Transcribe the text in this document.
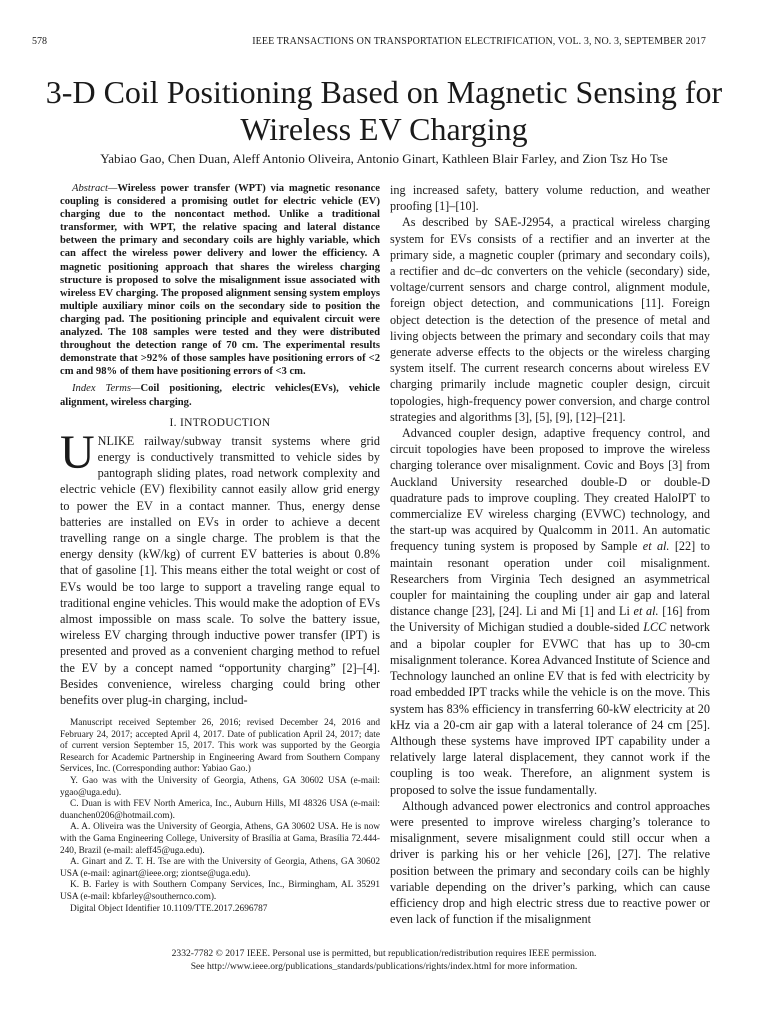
578	IEEE TRANSACTIONS ON TRANSPORTATION ELECTRIFICATION, VOL. 3, NO. 3, SEPTEMBER 2017
3-D Coil Positioning Based on Magnetic Sensing for Wireless EV Charging
Yabiao Gao, Chen Duan, Aleff Antonio Oliveira, Antonio Ginart, Kathleen Blair Farley, and Zion Tsz Ho Tse

Abstract—Wireless power transfer (WPT) via magnetic resonance coupling is considered a promising outlet for electric vehicle (EV) charging due to the noncontact method. Unlike a traditional transformer, with WPT, the relative spacing and lateral distance between the primary and secondary coils are highly variable, which can affect the wireless power delivery and lower the efficiency. A magnetic positioning approach that shares the wireless charging structure is proposed to solve the misalignment issue associated with wireless EV charging. The proposed alignment sensing system employs multiple auxiliary minor coils on the secondary side to position the charging pad. The positioning principle and equivalent circuit were analyzed. The 108 samples were tested and they were distributed throughout the detection range of 70 cm. The experimental results demonstrate that >92% of those samples have positioning errors of <2 cm and 98% of them have positioning errors of <3 cm.

Index Terms—Coil positioning, electric vehicles(EVs), vehicle alignment, wireless charging.

I. INTRODUCTION

UNLIKE railway/subway transit systems where grid energy is conductively transmitted to vehicle sides by pantograph sliding plates, road network complexity and electric vehicle (EV) flexibility cannot easily allow grid energy to power the EV in a contact manner. Thus, energy dense batteries are installed on EVs in order to achieve a decent travelling range on a single charge. The problem is that the energy density (kW/kg) of current EV batteries is about 0.8% that of gasoline [1]. This means either the total weight or cost of EVs would be too large to support a traveling range equal to traditional engine vehicles. This would make the adoption of EVs almost impossible on mass scale. To solve the battery issue, wireless EV charging through inductive power transfer (IPT) is presented and proved as a convenient charging method to refuel the EV by a concept named “opportunity charging” [2]–[4]. Besides convenience, wireless charging could bring other benefits over plug-in charging, includ-

Manuscript received September 26, 2016; revised December 24, 2016 and February 24, 2017; accepted April 4, 2017. Date of publication April 24, 2017; date of current version September 15, 2017. This work was supported by the Georgia Research for Academic Partnership in Engineering Award from Southern Company Services, Inc. (Corresponding author: Yabiao Gao.)

Y. Gao was with the University of Georgia, Athens, GA 30602 USA (e-mail: ygao@uga.edu).

C. Duan is with FEV North America, Inc., Auburn Hills, MI 48326 USA (e-mail: duanchen0206@hotmail.com).

A. A. Oliveira was the University of Georgia, Athens, GA 30602 USA. He is now with the Gama Engineering College, University of Brasília at Gama, Brasília 72.444-240, Brazil (e-mail: aleff45@uga.edu).

A. Ginart and Z. T. H. Tse are with the University of Georgia, Athens, GA 30602 USA (e-mail: aginart@ieee.org; ziontse@uga.edu).

K. B. Farley is with Southern Company Services, Inc., Birmingham, AL 35291 USA (e-mail: kbfarley@southernco.com).

Digital Object Identifier 10.1109/TTE.2017.2696787

ing increased safety, battery volume reduction, and weather proofing [1]–[10].

As described by SAE-J2954, a practical wireless charging system for EVs consists of a rectifier and an inverter at the primary side, a magnetic coupler (primary and secondary coils), a rectifier and dc–dc converters on the vehicle (secondary) side, voltage/current sensors and charge control, alignment module, foreign object detection, and communications [11]. Foreign object detection is the detection of the presence of metal and living objects between the primary and secondary coils that may generate adverse effects to the objects or the wireless charging system itself. The current research concerns about wireless EV charging primarily include magnetic coupler design, circuit topologies, high-frequency power conversion, and charge control strategies and algorithms [3], [5], [9], [12]–[21].

Advanced coupler design, adaptive frequency control, and circuit topologies have been proposed to improve the wireless charging tolerance over misalignment. Covic and Boys [3] from Auckland University researched double-D or double-D quadrature pads to improve coupling. They created HaloIPT to commercialize EV wireless charging (EVWC) technology, and the start-up was acquired by Qualcomm in 2011. An automatic frequency tuning system is proposed by Sample et al. [22] to maintain resonant operation under coil misalignment. Researchers from Virginia Tech designed an asymmetrical coupler for maintaining the coupling under air gap and lateral distance change [23], [24]. Li and Mi [1] and Li et al. [16] from the University of Michigan studied a double-sided LCC network and a bipolar coupler for EVWC that has up to 30-cm misalignment tolerance. Korea Advanced Institute of Science and Technology launched an online EV that is fed with electricity by road embedded IPT tracks while the vehicle is on the move. This system has 83% efficiency in transferring 60-kW electricity at 20 kHz via a 20-cm air gap with a lateral tolerance of 24 cm [25]. Although these systems have improved IPT capability under a relatively large lateral displacement, they cannot work if the coupling is too weak. Therefore, an alignment system is proposed to solve the issue fundamentally.

Although advanced power electronics and control approaches were presented to improve wireless charging’s tolerance to misalignment, severe misalignment could still occur when a driver is parking his or her vehicle [26], [27]. The relative position between the primary and secondary coils can be highly variable depending on the driver’s parking, which can cause efficiency drop and high electric stress due to reactive power or even lack of function if the misalignment

2332-7782 © 2017 IEEE. Personal use is permitted, but republication/redistribution requires IEEE permission.
See http://www.ieee.org/publications_standards/publications/rights/index.html for more information.
